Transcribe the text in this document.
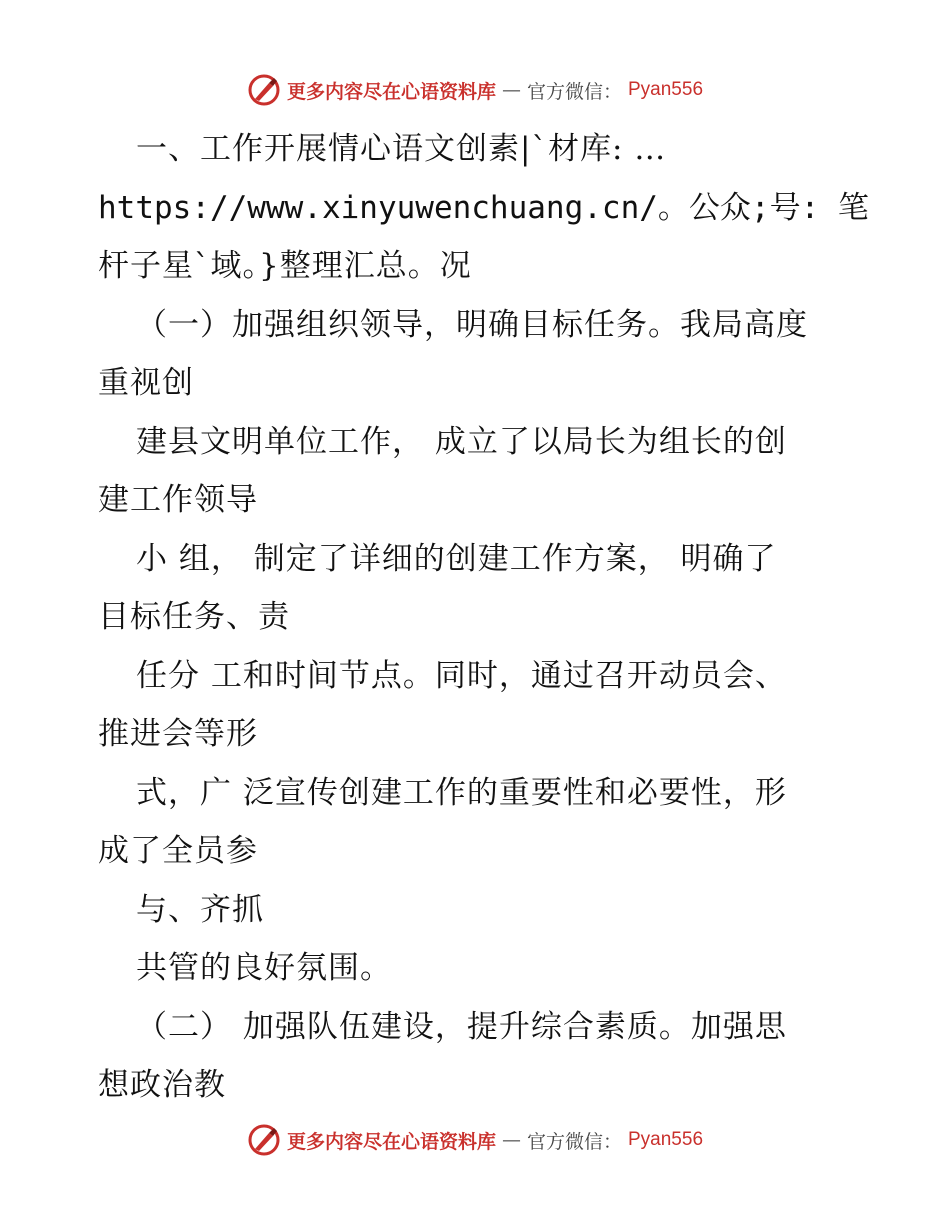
更多内容尽在心语资料库 — 官方微信： Pyan556
一、工作开展情心语文创素|`材库: …
https://www.xinyuwenchuang.cn/。公众;号: 笔
杆子星`域。}整理汇总。况
（一）加强组织领导，明确目标任务。我局高度
重视创
建县文明单位工作， 成立了以局长为组长的创
建工作领导
小 组， 制定了详细的创建工作方案， 明确了
目标任务、责
任分 工和时间节点。同时，通过召开动员会、
推进会等形
式，广 泛宣传创建工作的重要性和必要性，形
成了全员参
与、齐抓
共管的良好氛围。
（二） 加强队伍建设，提升综合素质。加强思
想政治教
更多内容尽在心语资料库 — 官方微信： Pyan556
